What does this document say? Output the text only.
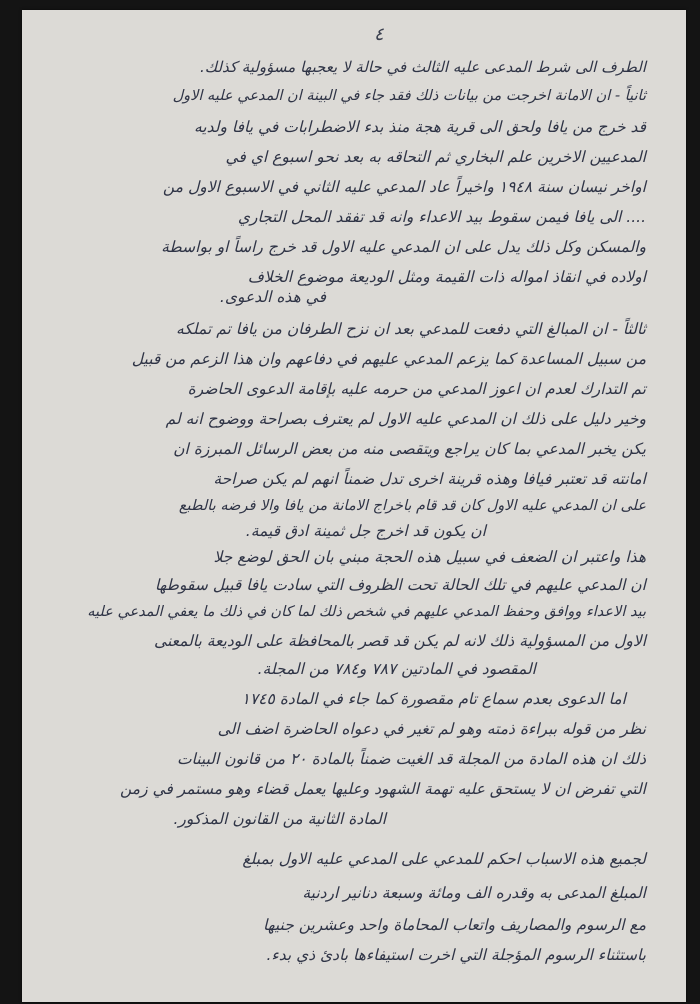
٤
الطرف الى شرط المدعى عليه الثالث في حالة لا يعجبها مسؤولية كذلك.
ثانياً - ان الامانة اخرجت من بيانات ذلك فقد جاء في البينة ان المدعي عليه الاول
قد خرج من يافا ولحق الى قرية هجة منذ بدء الاضطرابات في يافا ولديه
المدعيين الاخرين علم البخاري ثم التحاقه به بعد نحو اسبوع اي في
اواخر نيسان سنة ١٩٤٨ واخيراً عاد المدعي عليه الثاني في الاسبوع الاول من
.... الى يافا فيمن سقوط بيد الاعداء وانه قد تفقد المحل التجاري
والمسكن وكل ذلك يدل على ان المدعي عليه الاول قد خرج راساً او بواسطة
اولاده في انقاذ امواله ذات القيمة ومثل الوديعة موضوع الخلاف
في هذه الدعوى.
ثالثاً - ان المبالغ التي دفعت للمدعي بعد ان نزح الطرفان من يافا تم تملكه
من سبيل المساعدة كما يزعم المدعي عليهم في دفاعهم وان هذا الزعم من قبيل
تم التدارك لعدم ان اعوز المدعي من حرمه عليه بإقامة الدعوى الحاضرة
وخير دليل على ذلك ان المدعي عليه الاول لم يعترف بصراحة ووضوح انه لم
يكن يخبر المدعي بما كان يراجع ويتقصى منه من بعض الرسائل المبرزة ان
امانته قد تعتبر فيافا وهذه قرينة اخرى تدل ضمناً انهم لم يكن صراحة
على ان المدعي عليه الاول كان قد قام باخراج الامانة من يافا والا فرضه بالطبع
ان يكون قد اخرج جل ثمينة ادق قيمة.
هذا واعتبر ان الضعف في سبيل هذه الحجة مبني بان الحق لوضع جلا
ان المدعي عليهم في تلك الحالة تحت الظروف التي سادت يافا قبيل سقوطها
بيد الاعداء ووافق وحفظ المدعي عليهم في شخص ذلك لما كان في ذلك ما يعفي المدعي عليه
الاول من المسؤولية ذلك لانه لم يكن قد قصر بالمحافظة على الوديعة بالمعنى
المقصود في المادتين ٧٨٧ و٧٨٤ من المجلة.
اما الدعوى بعدم سماع تام مقصورة كما جاء في المادة ١٧٤٥
نظر من قوله ببراءة ذمته وهو لم تغير في دعواه الحاضرة اضف الى
ذلك ان هذه المادة من المجلة قد الغيت ضمناً بالمادة ٢٠ من قانون البينات
التي تفرض ان لا يستحق عليه تهمة الشهود وعليها يعمل قضاء وهو مستمر في زمن
المادة الثانية من القانون المذكور.
لجميع هذه الاسباب احكم للمدعي على المدعي عليه الاول بمبلغ
المبلغ المدعى به وقدره الف ومائة وسبعة دنانير اردنية
مع الرسوم والمصاريف واتعاب المحاماة واحد وعشرين جنيها
باستثناء الرسوم المؤجلة التي اخرت استيفاءها بادئ ذي بدء.
